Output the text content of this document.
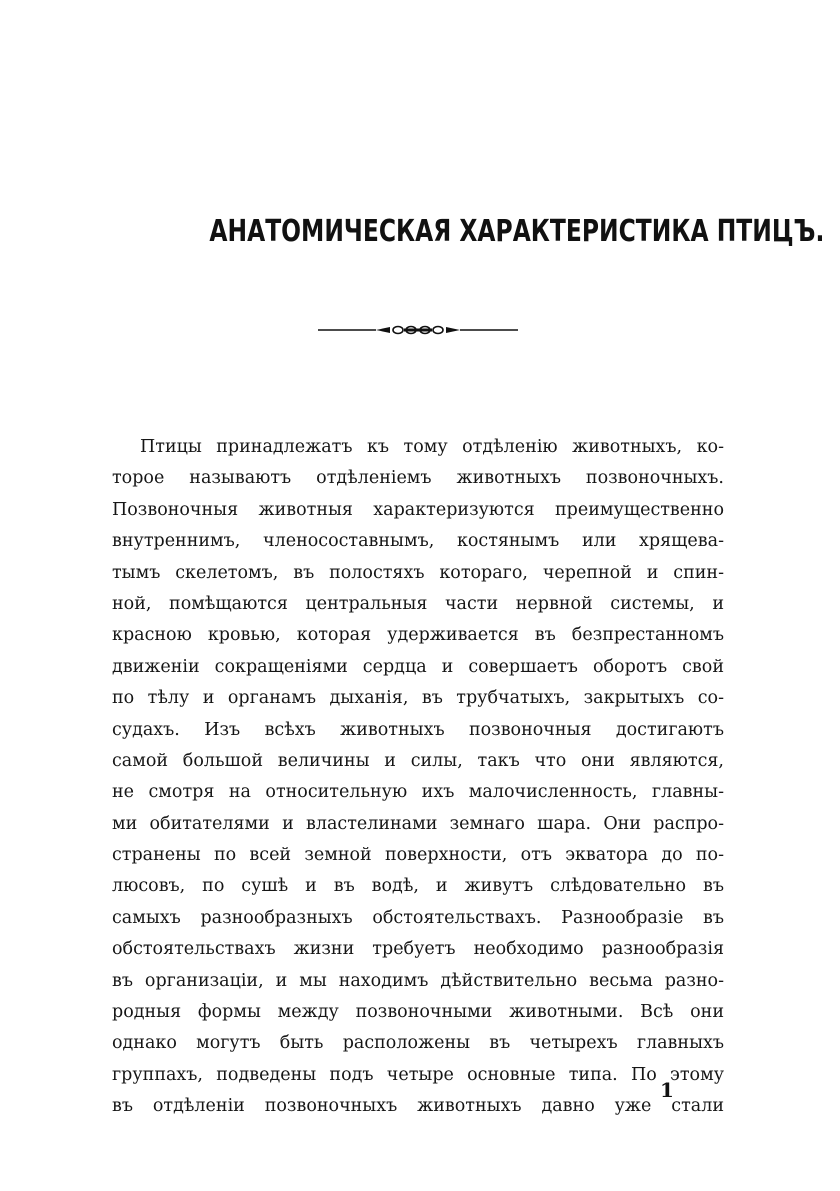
АНАТОМИЧЕСКАЯ ХАРАКТЕРИСТИКА ПТИЦЪ.
Птицы принадлежатъ къ тому отдѣленію животныхъ, ко-
торое называютъ отдѣленіемъ животныхъ позвоночныхъ.
Позвоночныя животныя характеризуются преимущественно
внутреннимъ, членосоставнымъ, костянымъ или хрящева-
тымъ скелетомъ, въ полостяхъ котораго, черепной и спин-
ной, помѣщаются центральныя части нервной системы, и
красною кровью, которая удерживается въ безпрестанномъ
движеніи сокращеніями сердца и совершаетъ оборотъ свой
по тѣлу и органамъ дыханія, въ трубчатыхъ, закрытыхъ со-
судахъ. Изъ всѣхъ животныхъ позвоночныя достигаютъ
самой большой величины и силы, такъ что они являются,
не смотря на относительную ихъ малочисленность, главны-
ми обитателями и властелинами земнаго шара. Они распро-
странены по всей земной поверхности, отъ экватора до по-
люсовъ, по сушѣ и въ водѣ, и живутъ слѣдовательно въ
самыхъ разнообразныхъ обстоятельствахъ. Разнообразіе въ
обстоятельствахъ жизни требуетъ необходимо разнообразія
въ организаціи, и мы находимъ дѣйствительно весьма разно-
родныя формы между позвоночными животными. Всѣ они
однако могутъ быть расположены въ четырехъ главныхъ
группахъ, подведены подъ четыре основные типа. По этому
въ отдѣленіи позвоночныхъ животныхъ давно уже стали
1
